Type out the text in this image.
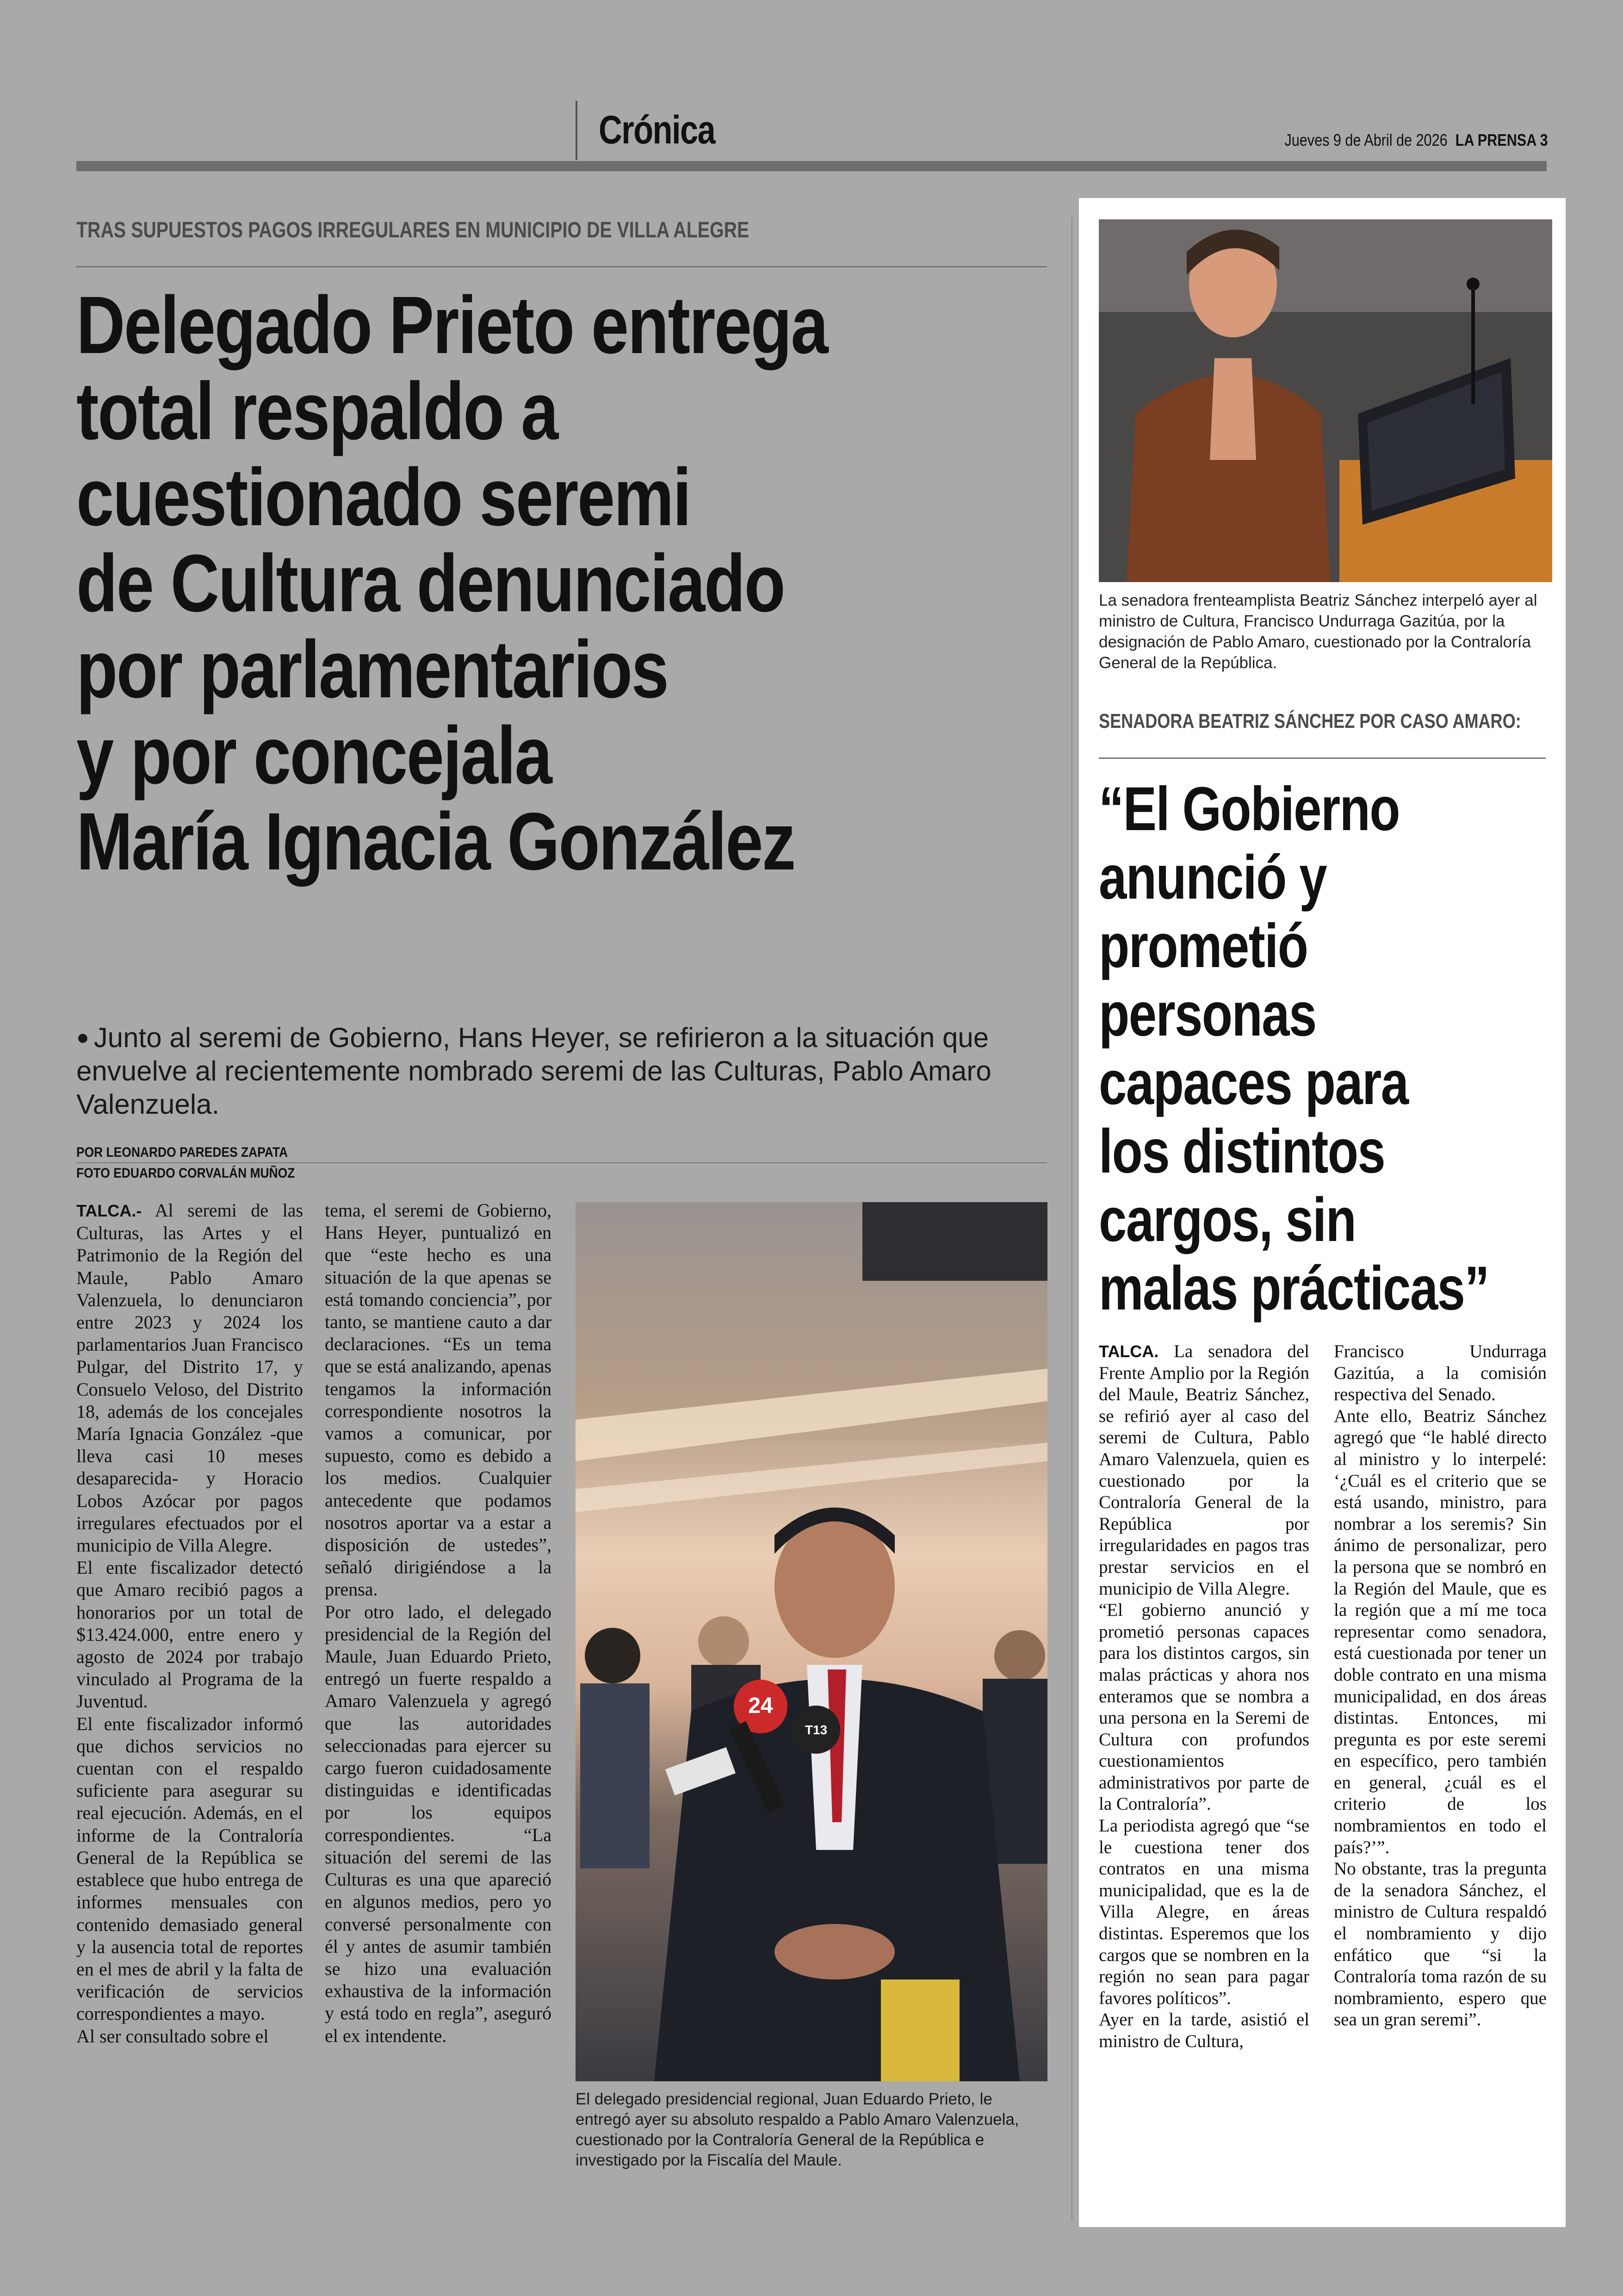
Crónica	Jueves 9 de Abril de 2026 LA PRENSA 3
TRAS SUPUESTOS PAGOS IRREGULARES EN MUNICIPIO DE VILLA ALEGRE
Delegado Prieto entrega
total respaldo a
cuestionado seremi
de Cultura denunciado
por parlamentarios
y por concejala
María Ignacia González
● Junto al seremi de Gobierno, Hans Heyer, se refirieron a la situación que envuelve al recientemente nombrado seremi de las Culturas, Pablo Amaro Valenzuela.
POR LEONARDO PAREDES ZAPATA
FOTO EDUARDO CORVALÁN MUÑOZ

TALCA.- Al seremi de las Culturas, las Artes y el Patrimonio de la Región del Maule, Pablo Amaro Valenzuela, lo denunciaron entre 2023 y 2024 los parlamentarios Juan Francisco Pulgar, del Distrito 17, y Consuelo Veloso, del Distrito 18, además de los concejales María Ignacia González -que lleva casi 10 meses desaparecida- y Horacio Lobos Azócar por pagos irregulares efectuados por el municipio de Villa Alegre.

El ente fiscalizador detectó que Amaro recibió pagos a honorarios por un total de $13.424.000, entre enero y agosto de 2024 por trabajo vinculado al Programa de la Juventud.

El ente fiscalizador informó que dichos servicios no cuentan con el respaldo suficiente para asegurar su real ejecución. Además, en el informe de la Contraloría General de la República se establece que hubo entrega de informes mensuales con contenido demasiado general y la ausencia total de reportes en el mes de abril y la falta de verificación de servicios correspondientes a mayo.

Al ser consultado sobre el

tema, el seremi de Gobierno, Hans Heyer, puntualizó en que “este hecho es una situación de la que apenas se está tomando conciencia”, por tanto, se mantiene cauto a dar declaraciones. “Es un tema que se está analizando, apenas tengamos la información correspondiente nosotros la vamos a comunicar, por supuesto, como es debido a los medios. Cualquier antecedente que podamos nosotros aportar va a estar a disposición de ustedes”, señaló dirigiéndose a la prensa.

Por otro lado, el delegado presidencial de la Región del Maule, Juan Eduardo Prieto, entregó un fuerte respaldo a Amaro Valenzuela y agregó que las autoridades seleccionadas para ejercer su cargo fueron cuidadosamente distinguidas e identificadas por los equipos correspondientes. “La situación del seremi de las Culturas es una que apareció en algunos medios, pero yo conversé personalmente con él y antes de asumir también se hizo una evaluación exhaustiva de la información y está todo en regla”, aseguró el ex intendente.

24
T13
El delegado presidencial regional, Juan Eduardo Prieto, le entregó ayer su absoluto respaldo a Pablo Amaro Valenzuela, cuestionado por la Contraloría General de la República e investigado por la Fiscalía del Maule.
La senadora frenteamplista Beatriz Sánchez interpeló ayer al ministro de Cultura, Francisco Undurraga Gazitúa, por la designación de Pablo Amaro, cuestionado por la Contraloría General de la República.
SENADORA BEATRIZ SÁNCHEZ POR CASO AMARO:
“El Gobierno
anunció y
prometió
personas
capaces para
los distintos
cargos, sin
malas prácticas”

TALCA. La senadora del Frente Amplio por la Región del Maule, Beatriz Sánchez, se refirió ayer al caso del seremi de Cultura, Pablo Amaro Valenzuela, quien es cuestionado por la Contraloría General de la República por irregularidades en pagos tras prestar servicios en el municipio de Villa Alegre.

“El gobierno anunció y prometió personas capaces para los distintos cargos, sin malas prácticas y ahora nos enteramos que se nombra a una persona en la Seremi de Cultura con profundos cuestionamientos administrativos por parte de la Contraloría”.

La periodista agregó que “se le cuestiona tener dos contratos en una misma municipalidad, que es la de Villa Alegre, en áreas distintas. Esperemos que los cargos que se nombren en la región no sean para pagar favores políticos”.

Ayer en la tarde, asistió el ministro de Cultura,

Francisco Undurraga Gazitúa, a la comisión respectiva del Senado.

Ante ello, Beatriz Sánchez agregó que “le hablé directo al ministro y lo interpelé: ‘¿Cuál es el criterio que se está usando, ministro, para nombrar a los seremis? Sin ánimo de personalizar, pero la persona que se nombró en la Región del Maule, que es la región que a mí me toca representar como senadora, está cuestionada por tener un doble contrato en una misma municipalidad, en dos áreas distintas. Entonces, mi pregunta es por este seremi en específico, pero también en general, ¿cuál es el criterio de los nombramientos en todo el país?’”.

No obstante, tras la pregunta de la senadora Sánchez, el ministro de Cultura respaldó el nombramiento y dijo enfático que “si la Contraloría toma razón de su nombramiento, espero que sea un gran seremi”.
